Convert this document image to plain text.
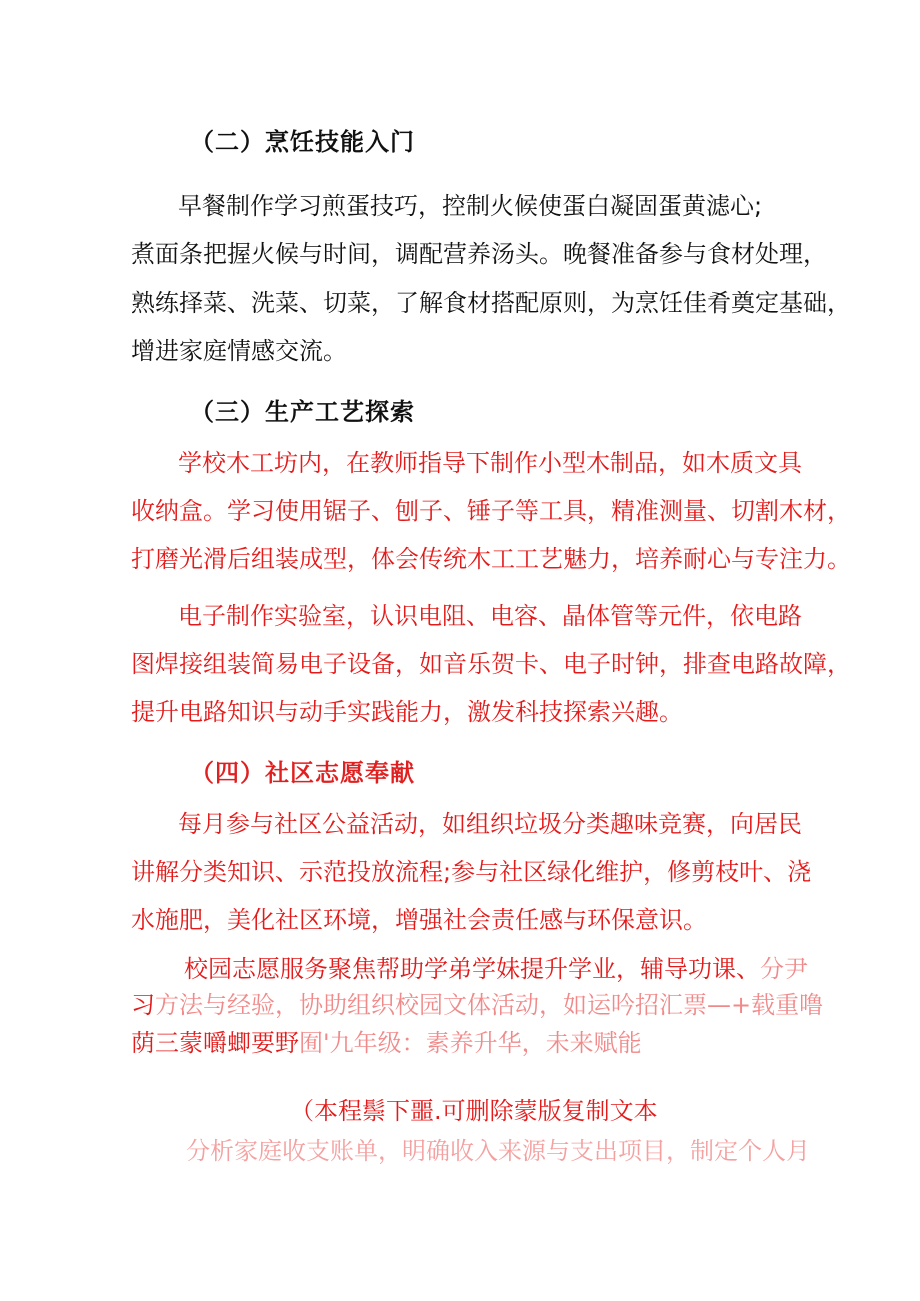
（二）烹饪技能入门
早餐制作学习煎蛋技巧，控制火候使蛋白凝固蛋黄滤心;
煮面条把握火候与时间，调配营养汤头。晚餐准备参与食材处理，
熟练择菜、洗菜、切菜，了解食材搭配原则，为烹饪佳肴奠定基础，
增进家庭情感交流。
（三）生产工艺探索
学校木工坊内，在教师指导下制作小型木制品，如木质文具
收纳盒。学习使用锯子、刨子、锤子等工具，精准测量、切割木材，
打磨光滑后组装成型，体会传统木工工艺魅力，培养耐心与专注力。
电子制作实验室，认识电阻、电容、晶体管等元件，依电路
图焊接组装简易电子设备，如音乐贺卡、电子时钟，排查电路故障，
提升电路知识与动手实践能力，激发科技探索兴趣。
（四）社区志愿奉献
每月参与社区公益活动，如组织垃圾分类趣味竞赛，向居民
讲解分类知识、示范投放流程;参与社区绿化维护，修剪枝叶、浇
水施肥，美化社区环境，增强社会责任感与环保意识。
校园志愿服务聚焦帮助学弟学妹提升学业，辅导功课、分尹
习方法与经验，协助组织校园文体活动，如运吟招汇票—+载重噜
荫三蒙嚼蝍要野囿'九年级：素养升华，未来赋能
（本程鬃下噩.可删除蒙版复制文本
分析家庭收支账单，明确收入来源与支出项目，制定个人月
